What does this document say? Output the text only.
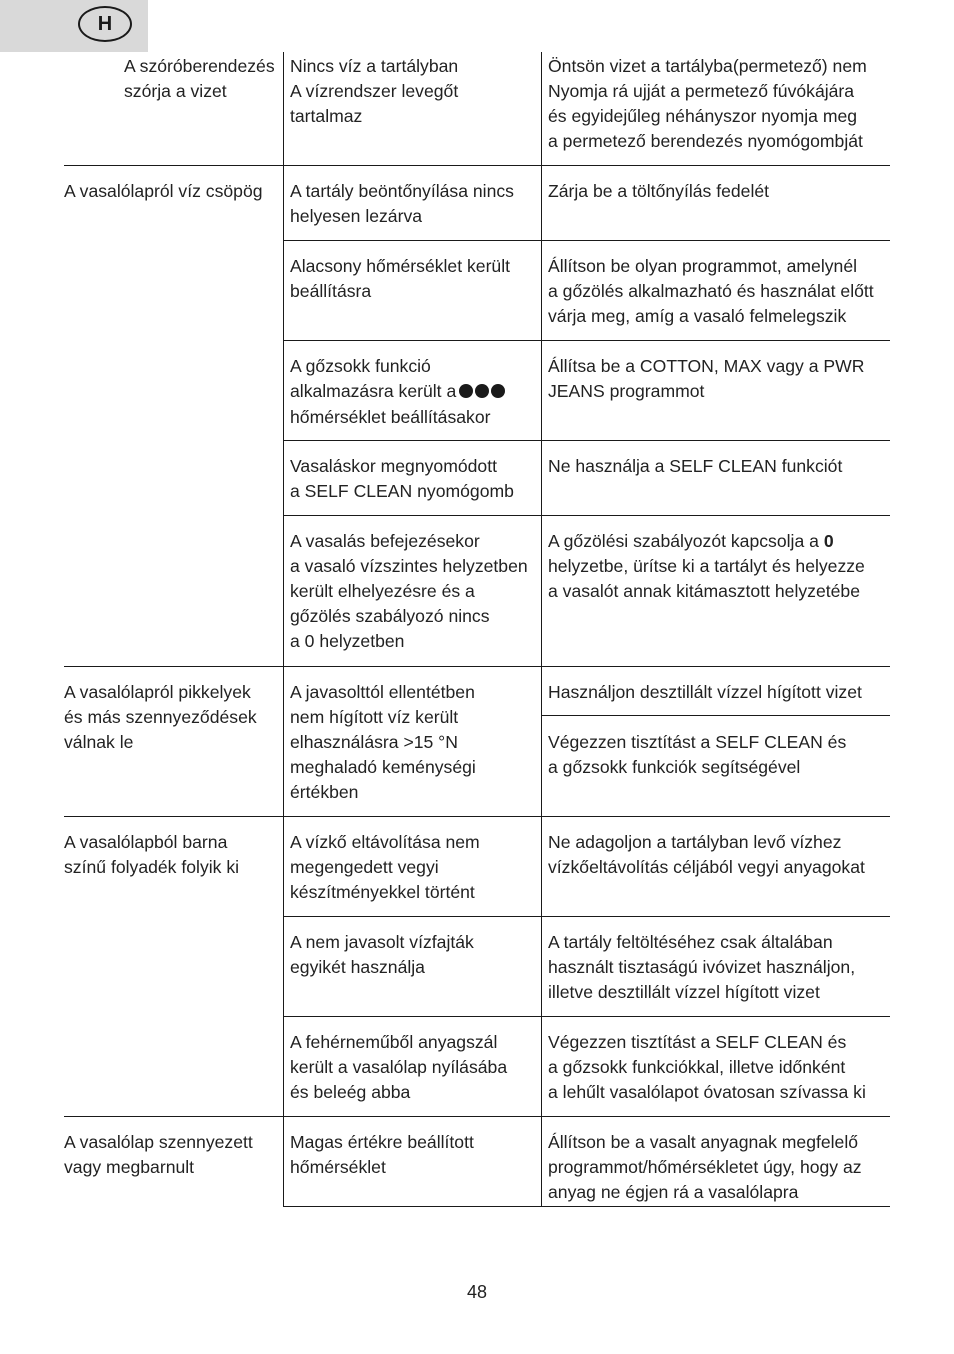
H
A szóróberendezés
szórja a vizet
A vasalólapról víz csöpög
A vasalólapról pikkelyek
és más szennyeződések
válnak le
A vasalólapból barna
színű folyadék folyik ki
A vasalólap szennyezett
vagy megbarnult
Nincs víz a tartályban
A vízrendszer levegőt
tartalmaz
A tartály beöntőnyílása nincs
helyesen lezárva
Alacsony hőmérséklet került
beállításra
A gőzsokk funkció
alkalmazásra került a
hőmérséklet beállításakor
Vasaláskor megnyomódott
a SELF CLEAN nyomógomb
A vasalás befejezésekor
a vasaló vízszintes helyzetben
került elhelyezésre és a
gőzölés szabályozó nincs
a 0 helyzetben
A javasolttól ellentétben
nem hígított víz került
elhasználásra >15 °N
meghaladó keménységi
értékben
A vízkő eltávolítása nem
megengedett vegyi
készítményekkel történt
A nem javasolt vízfajták
egyikét használja
A fehérneműből anyagszál
került a vasalólap nyílásába
és beleég abba
Magas értékre beállított
hőmérséklet
Öntsön vizet a tartályba(permetező) nem
Nyomja rá ujját a permetező fúvókájára
és egyidejűleg néhányszor nyomja meg
a permetező berendezés nyomógombját
Zárja be a töltőnyílás fedelét
Állítson be olyan programmot, amelynél
a gőzölés alkalmazható és használat előtt
várja meg, amíg a vasaló felmelegszik
Állítsa be a COTTON, MAX vagy a PWR
JEANS programmot
Ne használja a SELF CLEAN funkciót
A gőzölési szabályozót kapcsolja a 0
helyzetbe, ürítse ki a tartályt és helyezze
a vasalót annak kitámasztott helyzetébe
Használjon desztillált vízzel hígított vizet
Végezzen tisztítást a SELF CLEAN és
a gőzsokk funkciók segítségével
Ne adagoljon a tartályban levő vízhez
vízkőeltávolítás céljából vegyi anyagokat
A tartály feltöltéséhez csak általában
használt tisztaságú ivóvizet használjon,
illetve desztillált vízzel hígított vizet
Végezzen tisztítást a SELF CLEAN és
a gőzsokk funkciókkal, illetve időnként
a lehűlt vasalólapot óvatosan szívassa ki
Állítson be a vasalt anyagnak megfelelő
programmot/hőmérsékletet úgy, hogy az
anyag ne égjen rá a vasalólapra
48
